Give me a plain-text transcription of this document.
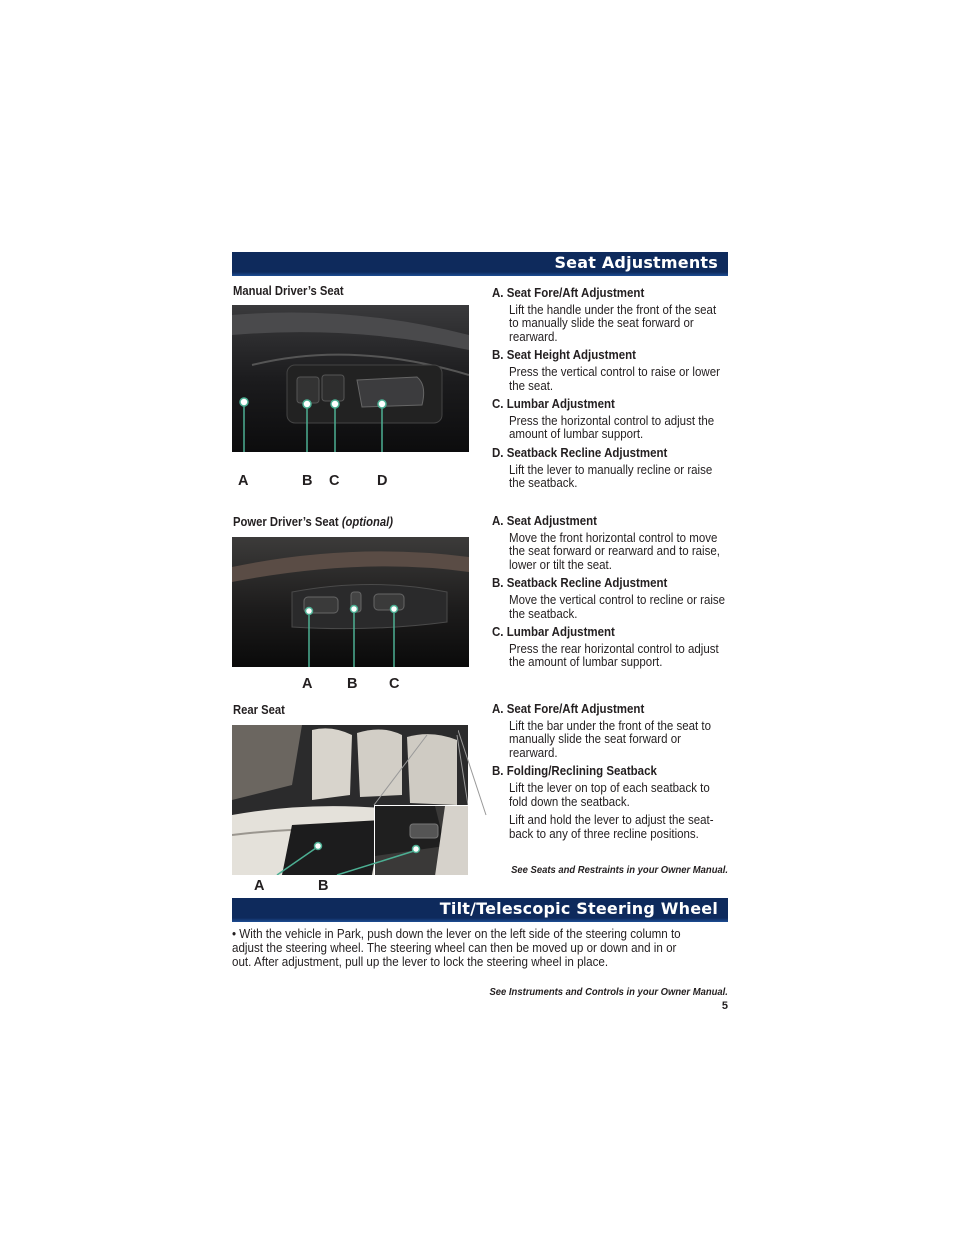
Seat Adjustments
Manual Driver’s Seat
A	B C	D
A. Seat Fore/Aft Adjustment

Lift the handle under the front of the seat to manually slide the seat forward or rearward.

B. Seat Height Adjustment

Press the vertical control to raise or lower the seat.

C. Lumbar Adjustment

Press the horizontal control to adjust the amount of lumbar support.

D. Seatback Recline Adjustment

Lift the lever to manually recline or raise the seatback.

Power Driver’s Seat (optional)
A B C
A. Seat Adjustment

Move the front horizontal control to move the seat forward or rearward and to raise, lower or tilt the seat.

B. Seatback Recline Adjustment

Move the vertical control to recline or raise the seatback.

C. Lumbar Adjustment

Press the rear horizontal control to adjust the amount of lumbar support.

Rear Seat
A	B
A. Seat Fore/Aft Adjustment

Lift the bar under the front of the seat to manually slide the seat forward or rearward.

B. Folding/Reclining Seatback

Lift the lever on top of each seatback to fold down the seatback.

Lift and hold the lever to adjust the seat-back to any of three recline positions.

See Seats and Restraints in your Owner Manual.
Tilt/Telescopic Steering Wheel
• With the vehicle in Park, push down the lever on the left side of the steering column to adjust the steering wheel. The steering wheel can then be moved up or down and in or out. After adjustment, pull up the lever to lock the steering wheel in place.
See Instruments and Controls in your Owner Manual.
5
